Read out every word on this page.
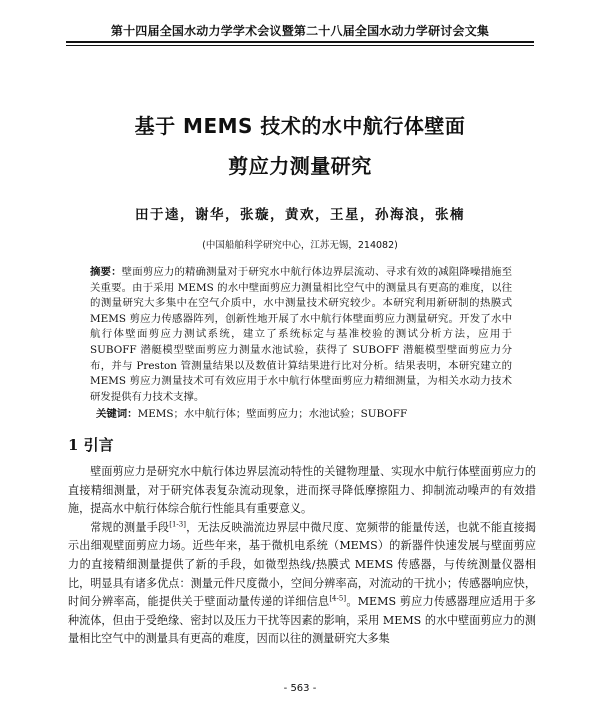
第十四届全国水动力学学术会议暨第二十八届全国水动力学研讨会文集
基于 MEMS 技术的水中航行体壁面
剪应力测量研究
田于逵，谢华，张璇，黄欢，王星，孙海浪，张楠
(中国船舶科学研究中心，江苏无锡，214082)
摘要：壁面剪应力的精确测量对于研究水中航行体边界层流动、寻求有效的减阻降噪措施至关重要。由于采用 MEMS 的水中壁面剪应力测量相比空气中的测量具有更高的难度，以往的测量研究大多集中在空气介质中，水中测量技术研究较少。本研究利用新研制的热膜式 MEMS 剪应力传感器阵列，创新性地开展了水中航行体壁面剪应力测量研究。开发了水中航行体壁面剪应力测试系统，建立了系统标定与基准校验的测试分析方法，应用于 SUBOFF 潜艇模型壁面剪应力测量水池试验，获得了 SUBOFF 潜艇模型壁面剪应力分布，并与 Preston 管测量结果以及数值计算结果进行比对分析。结果表明，本研究建立的 MEMS 剪应力测量技术可有效应用于水中航行体壁面剪应力精细测量，为相关水动力技术研发提供有力技术支撑。
关键词：MEMS；水中航行体；壁面剪应力；水池试验；SUBOFF
1 引言

壁面剪应力是研究水中航行体边界层流动特性的关键物理量、实现水中航行体壁面剪应力的直接精细测量，对于研究体表复杂流动现象，进而探寻降低摩擦阻力、抑制流动噪声的有效措施，提高水中航行体综合航行性能具有重要意义。

常规的测量手段[1-3]，无法反映湍流边界层中微尺度、宽频带的能量传送，也就不能直接揭示出细观壁面剪应力场。近些年来，基于微机电系统（MEMS）的新器件快速发展与壁面剪应力的直接精细测量提供了新的手段，如微型热线/热膜式 MEMS 传感器，与传统测量仪器相比，明显具有诸多优点：测量元件尺度微小，空间分辨率高，对流动的干扰小；传感器响应快，时间分辨率高，能提供关于壁面动量传递的详细信息[4-5]。MEMS 剪应力传感器理应适用于多种流体，但由于受绝缘、密封以及压力干扰等因素的影响，采用 MEMS 的水中壁面剪应力的测量相比空气中的测量具有更高的难度，因而以往的测量研究大多集

- 563 -
